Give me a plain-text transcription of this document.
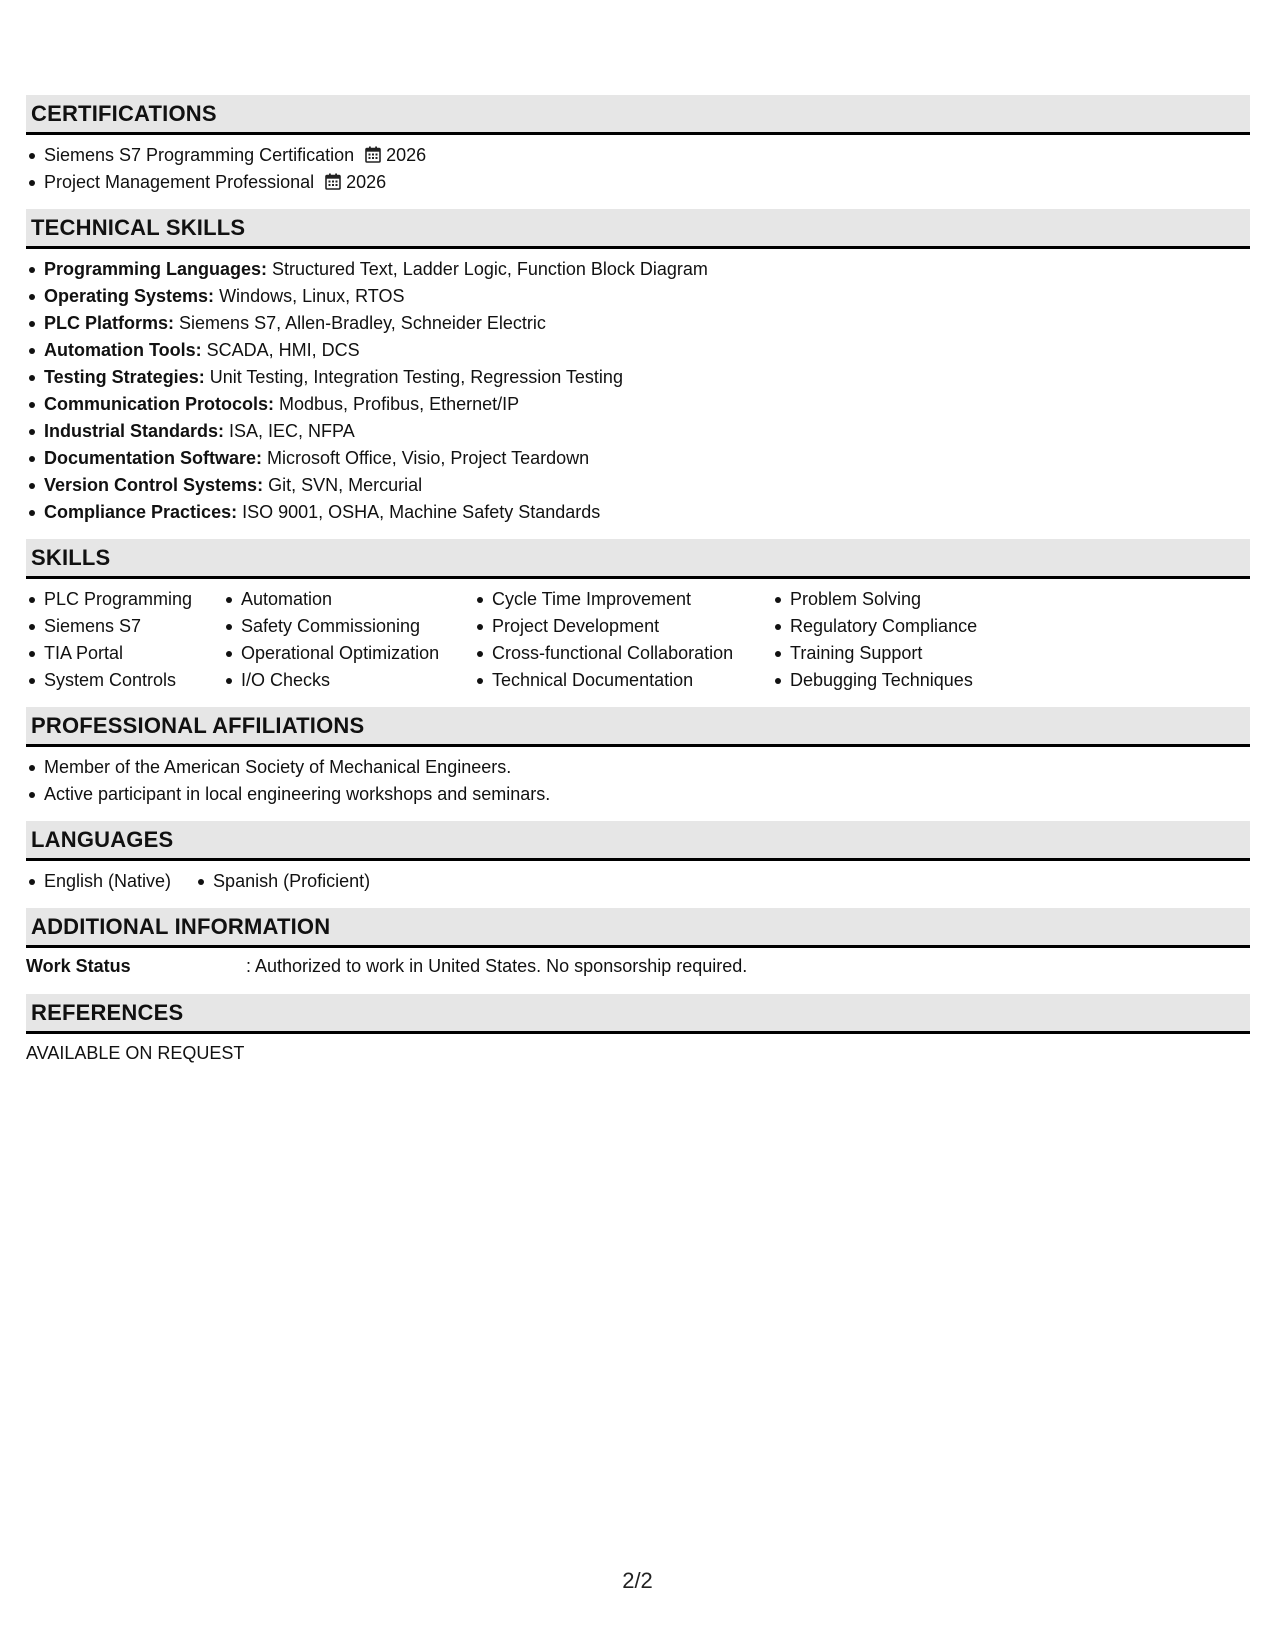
CERTIFICATIONS
Siemens S7 Programming Certification 2026
Project Management Professional 2026
TECHNICAL SKILLS
Programming Languages: Structured Text, Ladder Logic, Function Block Diagram
Operating Systems: Windows, Linux, RTOS
PLC Platforms: Siemens S7, Allen-Bradley, Schneider Electric
Automation Tools: SCADA, HMI, DCS
Testing Strategies: Unit Testing, Integration Testing, Regression Testing
Communication Protocols: Modbus, Profibus, Ethernet/IP
Industrial Standards: ISA, IEC, NFPA
Documentation Software: Microsoft Office, Visio, Project Teardown
Version Control Systems: Git, SVN, Mercurial
Compliance Practices: ISO 9001, OSHA, Machine Safety Standards
SKILLS
PLC Programming
Siemens S7
TIA Portal
System Controls
Automation
Safety Commissioning
Operational Optimization
I/O Checks
Cycle Time Improvement
Project Development
Cross-functional Collaboration
Technical Documentation
Problem Solving
Regulatory Compliance
Training Support
Debugging Techniques
PROFESSIONAL AFFILIATIONS
Member of the American Society of Mechanical Engineers.
Active participant in local engineering workshops and seminars.
LANGUAGES
English (Native)	Spanish (Proficient)
ADDITIONAL INFORMATION
Work Status	: Authorized to work in United States. No sponsorship required.
REFERENCES
AVAILABLE ON REQUEST
2/2
